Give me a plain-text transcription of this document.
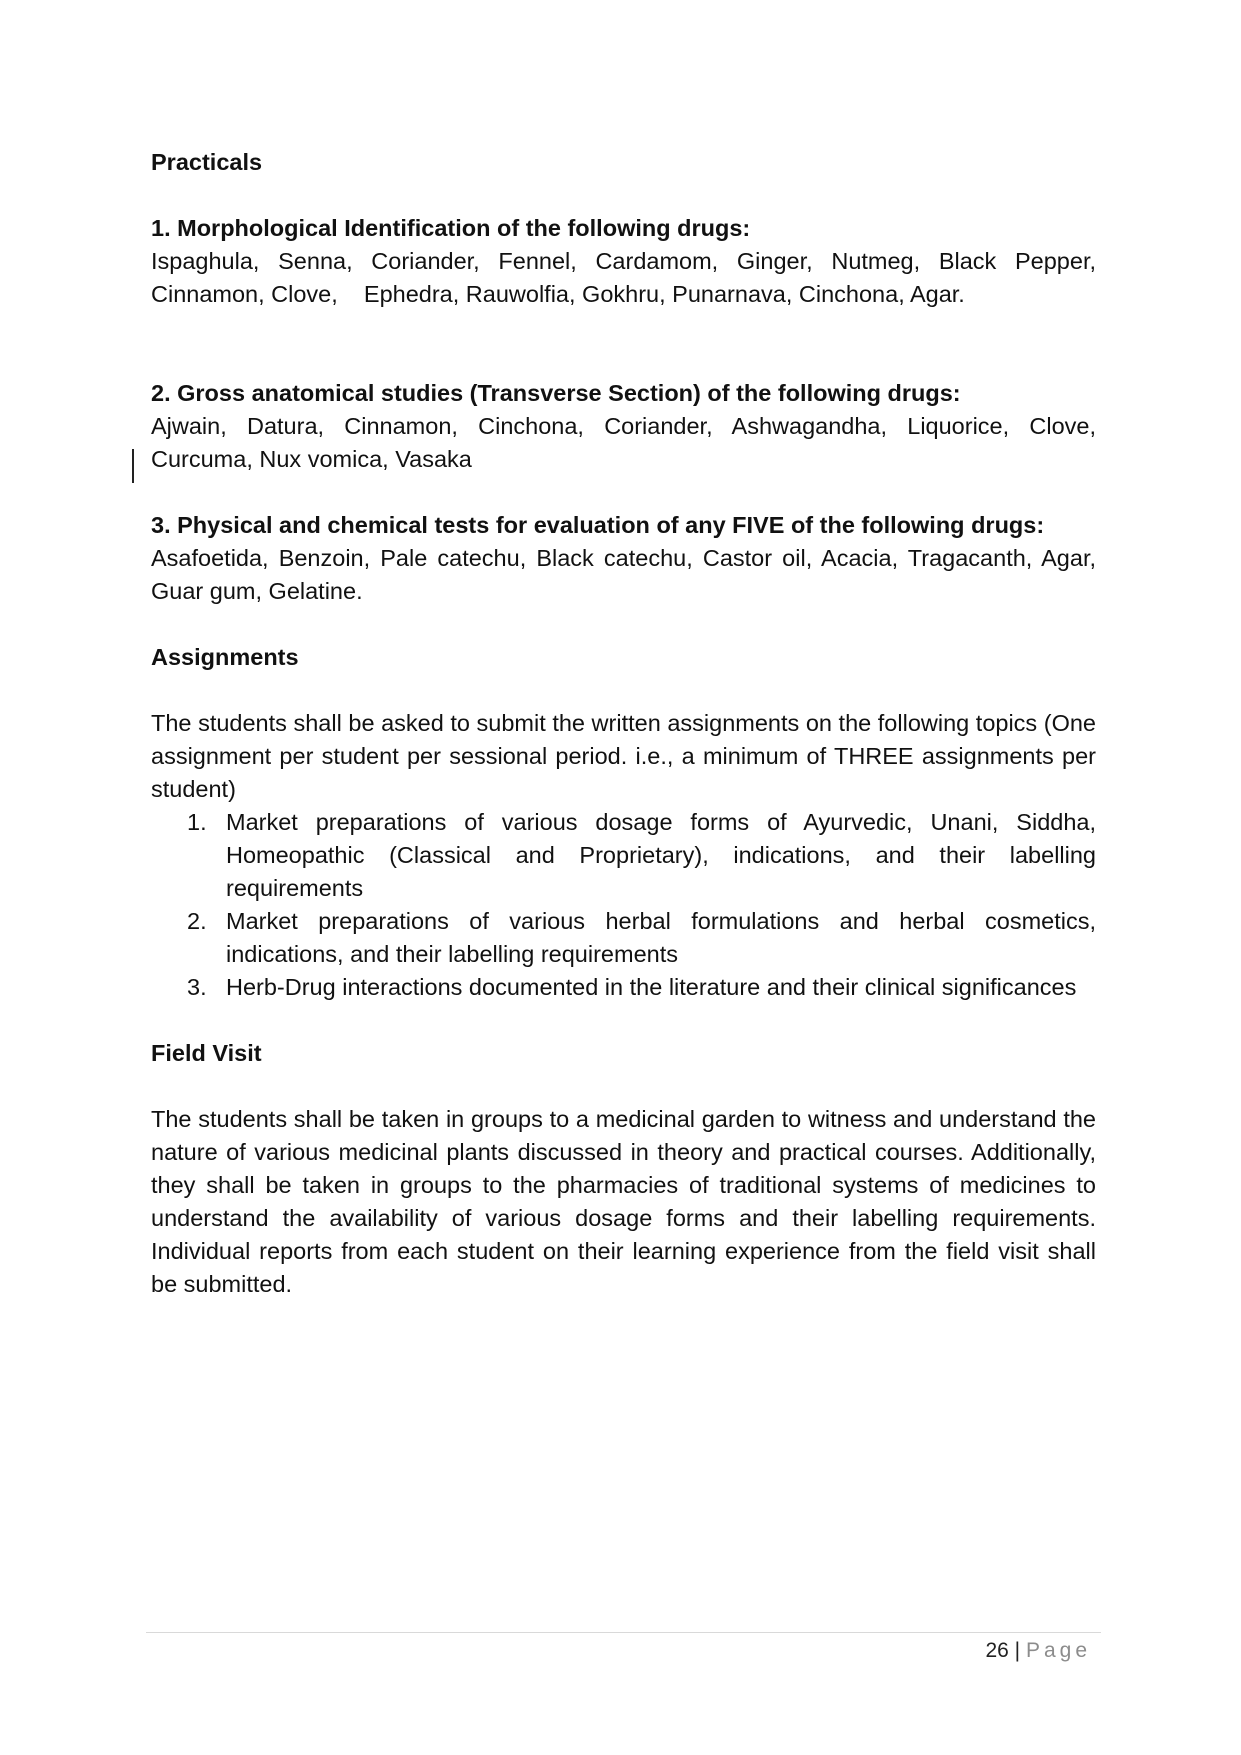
Practicals

1. Morphological Identification of the following drugs:

Ispaghula, Senna, Coriander, Fennel, Cardamom, Ginger, Nutmeg, Black Pepper,
Cinnamon, Clove,    Ephedra, Rauwolfia, Gokhru, Punarnava, Cinchona, Agar.

2. Gross anatomical studies (Transverse Section) of the following drugs:

Ajwain, Datura, Cinnamon, Cinchona, Coriander, Ashwagandha, Liquorice, Clove, Curcuma, Nux vomica, Vasaka

3. Physical and chemical tests for evaluation of any FIVE of the following drugs:

Asafoetida, Benzoin, Pale catechu, Black catechu, Castor oil, Acacia, Tragacanth, Agar, Guar gum, Gelatine.

Assignments

The students shall be asked to submit the written assignments on the following topics (One assignment per student per sessional period. i.e., a minimum of THREE assignments per student)

1. Market preparations of various dosage forms of Ayurvedic, Unani, Siddha, Homeopathic (Classical and Proprietary), indications, and their labelling requirements
2. Market preparations of various herbal formulations and herbal cosmetics, indications, and their labelling requirements
3. Herb-Drug interactions documented in the literature and their clinical significances

Field Visit

The students shall be taken in groups to a medicinal garden to witness and understand the nature of various medicinal plants discussed in theory and practical courses. Additionally, they shall be taken in groups to the pharmacies of traditional systems of medicines to understand the availability of various dosage forms and their labelling requirements. Individual reports from each student on their learning experience from the field visit shall be submitted.

26 | Page
